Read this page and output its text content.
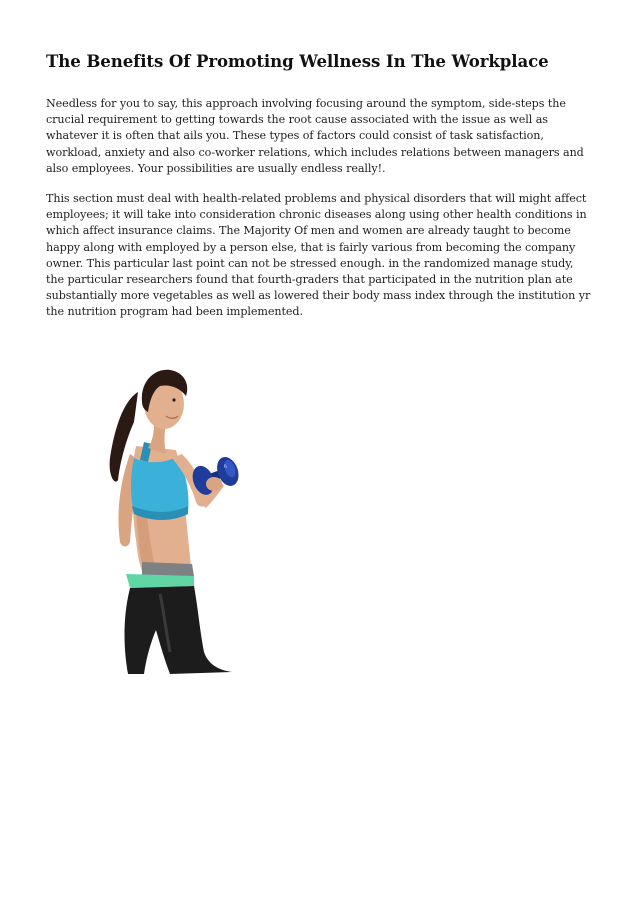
The Benefits Of Promoting Wellness In The Workplace

Needless for you to say, this approach involving focusing around the symptom, side-steps the crucial requirement to getting towards the root cause associated with the issue as well as whatever it is often that ails you. These types of factors could consist of task satisfaction, workload, anxiety and also co-worker relations, which includes relations between managers and also employees. Your possibilities are usually endless really!.

This section must deal with health-related problems and physical disorders that will might affect employees; it will take into consideration chronic diseases along using other health conditions in which affect insurance claims. The Majority Of men and women are already taught to become happy along with employed by a person else, that is fairly various from becoming the company owner. This particular last point can not be stressed enough. in the randomized manage study, the particular researchers found that fourth-graders that participated in the nutrition plan ate substantially more vegetables as well as lowered their body mass index through the institution yr the nutrition program had been implemented.

6
